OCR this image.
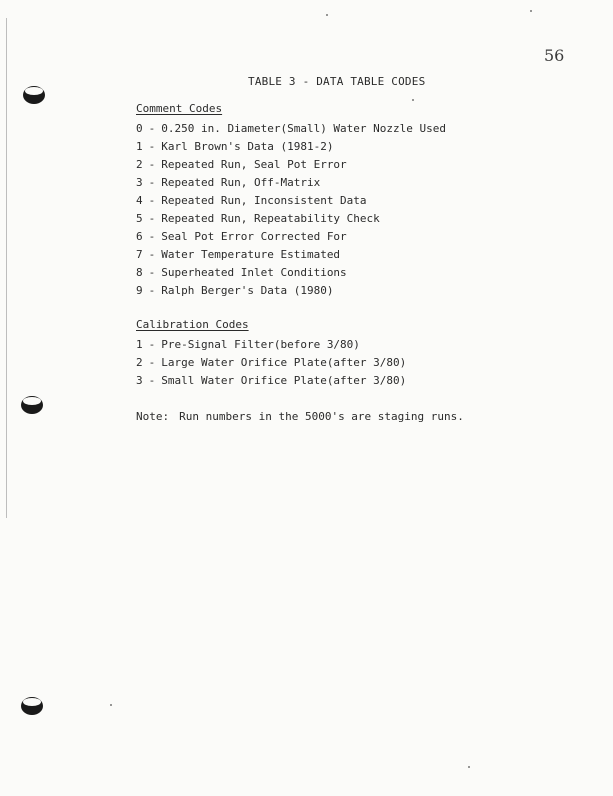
56
TABLE 3 - DATA TABLE CODES
Comment Codes
0 - 0.250 in. Diameter(Small) Water Nozzle Used
1 - Karl Brown's Data (1981-2)
2 - Repeated Run, Seal Pot Error
3 - Repeated Run, Off-Matrix
4 - Repeated Run, Inconsistent Data
5 - Repeated Run, Repeatability Check
6 - Seal Pot Error Corrected For
7 - Water Temperature Estimated
8 - Superheated Inlet Conditions
9 - Ralph Berger's Data (1980)
Calibration Codes
1 - Pre-Signal Filter(before 3/80)
2 - Large Water Orifice Plate(after 3/80)
3 - Small Water Orifice Plate(after 3/80)
Note: Run numbers in the 5000's are staging runs.
